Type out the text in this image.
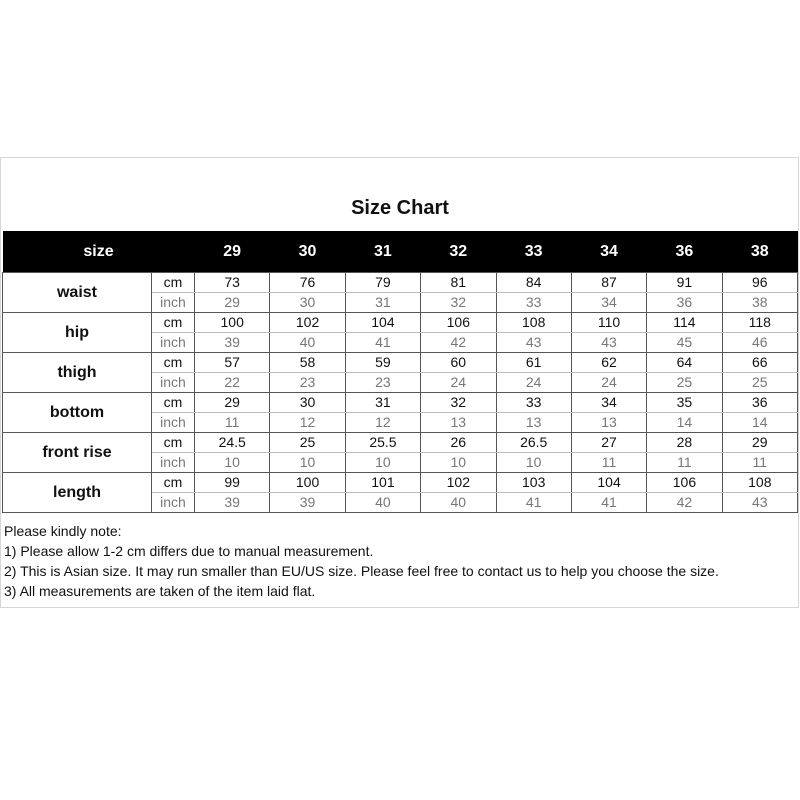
Size Chart
size		29	30	31	32	33	34	36	38
waist	cm	73	76	79	81	84	87	91	96
	inch	29	30	31	32	33	34	36	38
hip	cm	100	102	104	106	108	110	114	118
	inch	39	40	41	42	43	43	45	46
thigh	cm	57	58	59	60	61	62	64	66
	inch	22	23	23	24	24	24	25	25
bottom	cm	29	30	31	32	33	34	35	36
	inch	11	12	12	13	13	13	14	14
front rise	cm	24.5	25	25.5	26	26.5	27	28	29
	inch	10	10	10	10	10	11	11	11
length	cm	99	100	101	102	103	104	106	108
	inch	39	39	40	40	41	41	42	43
Please kindly note:
1) Please allow 1-2 cm differs due to manual measurement.
2) This is Asian size. It may run smaller than EU/US size. Please feel free to contact us to help you choose the size.
3) All measurements are taken of the item laid flat.
